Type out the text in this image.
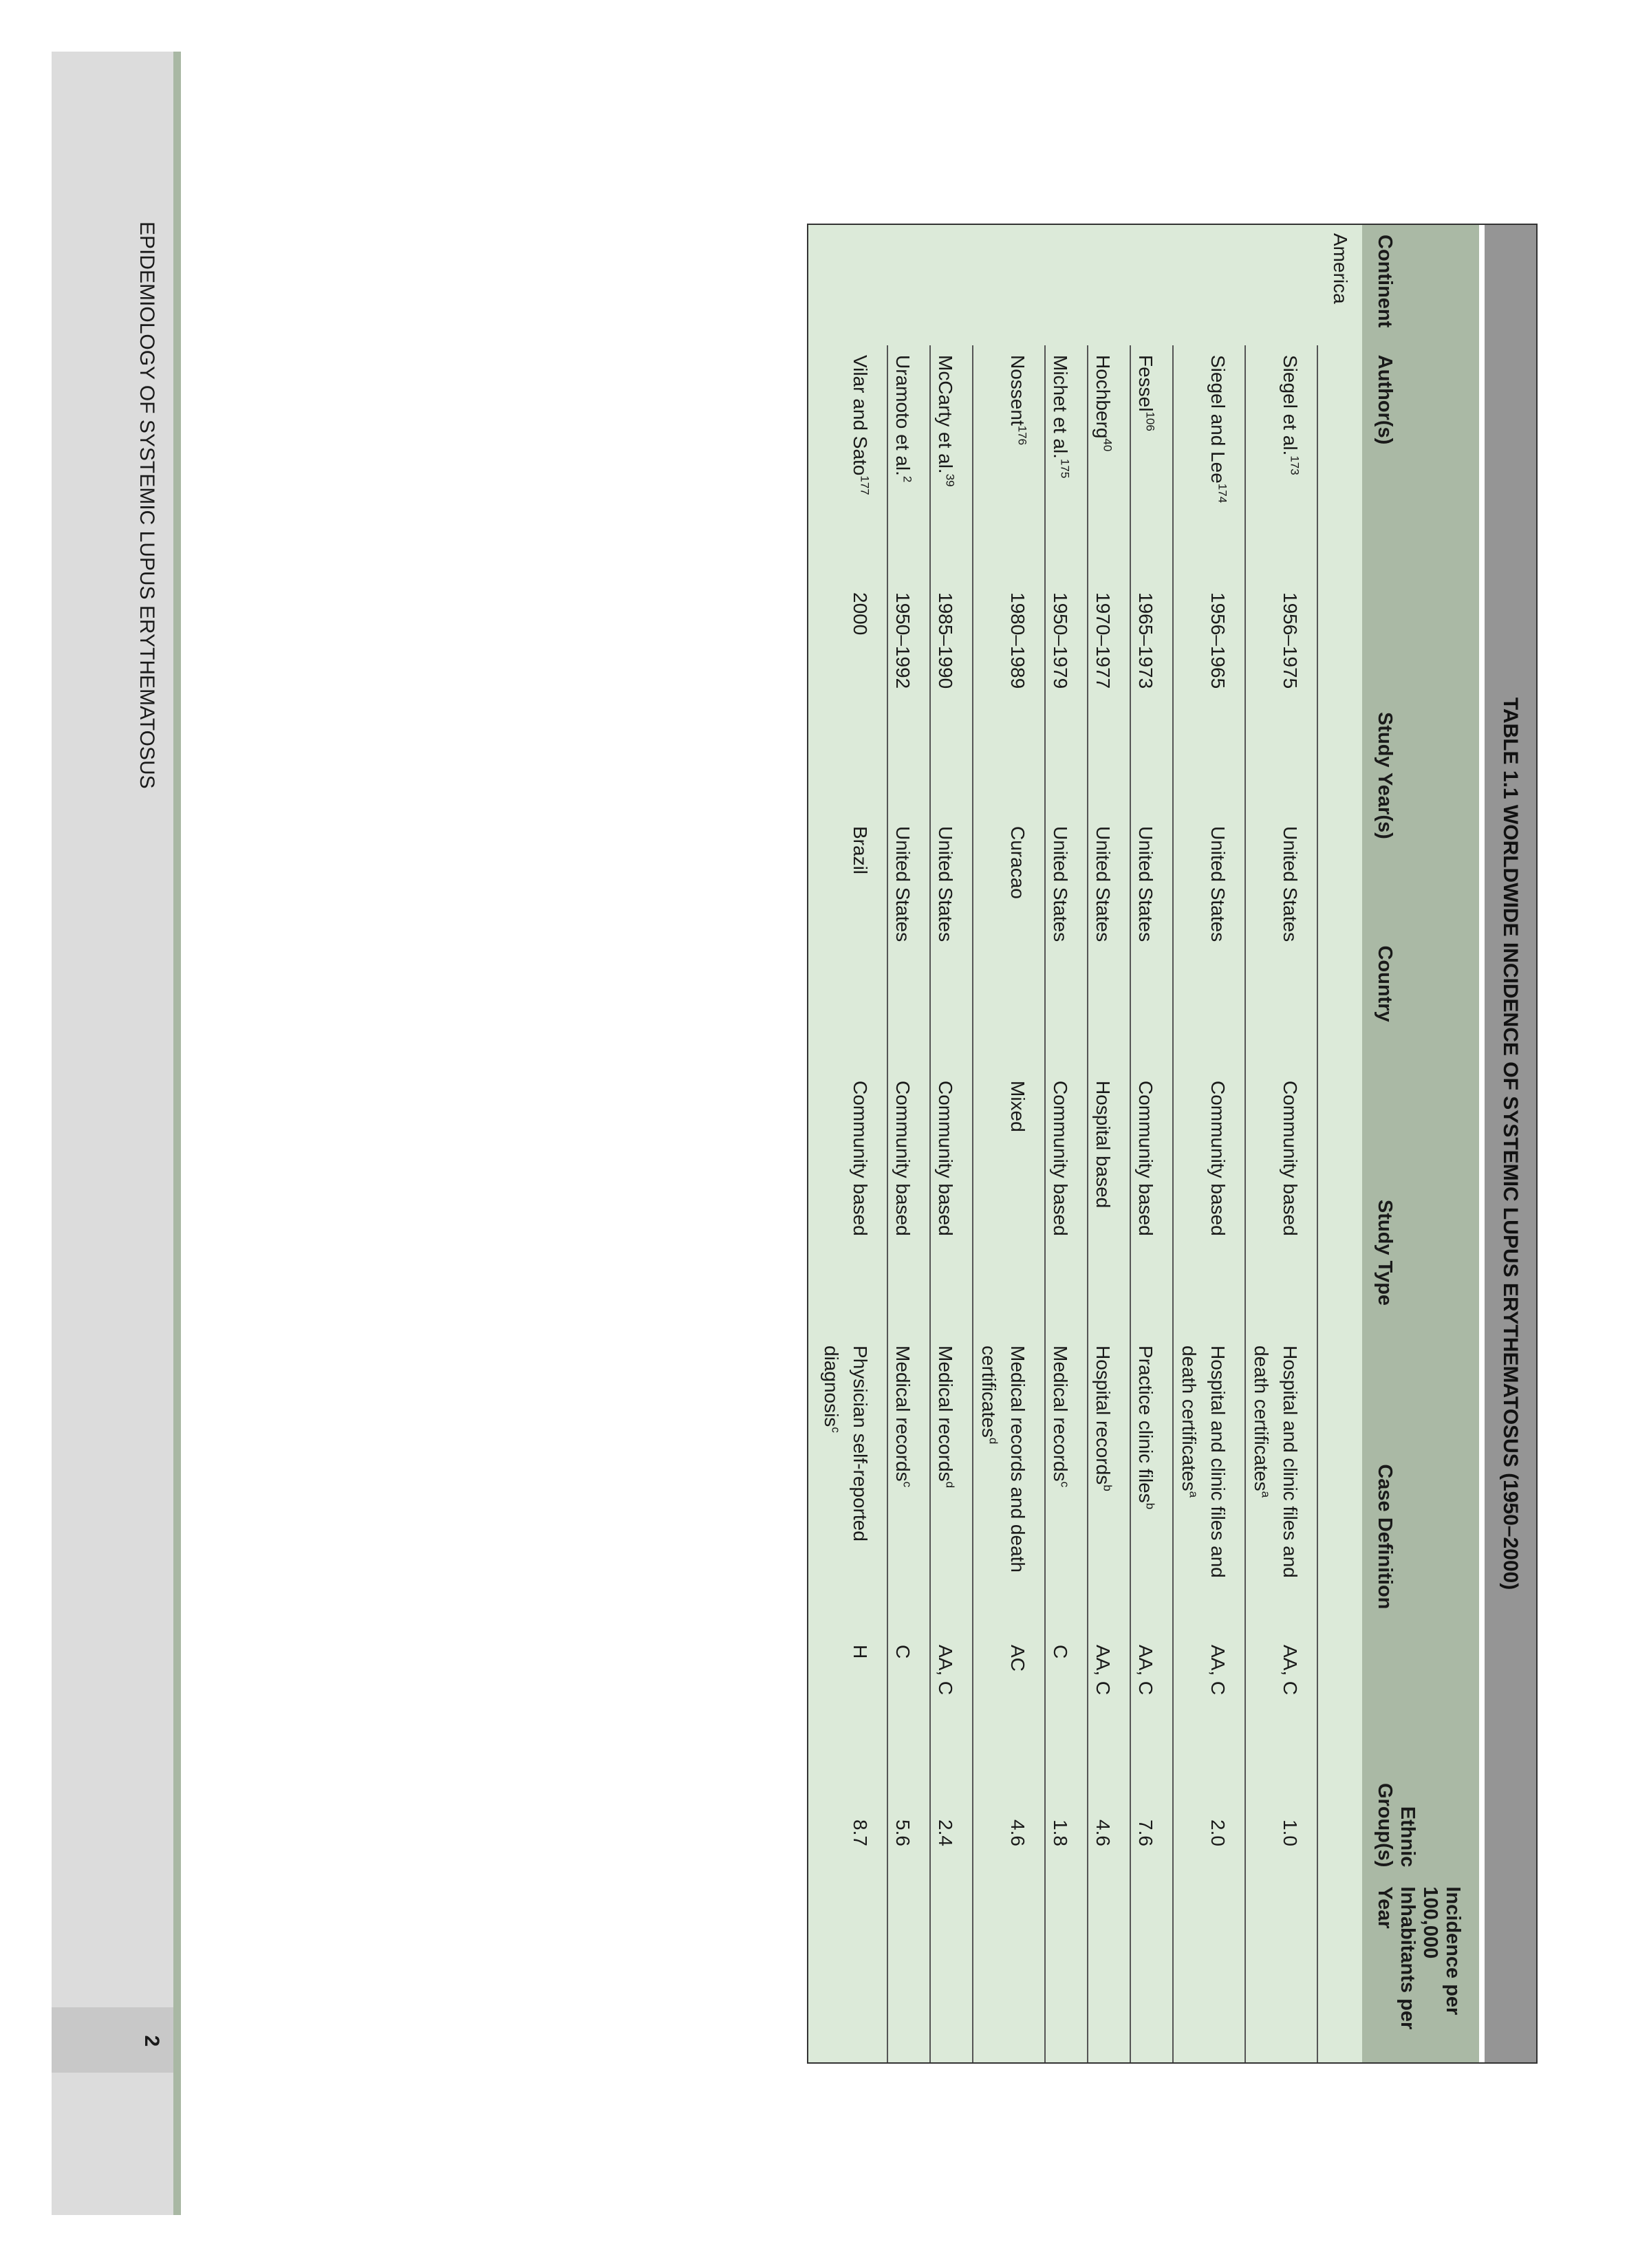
2
EPIDEMIOLOGY OF SYSTEMIC LUPUS ERYTHEMATOSUS
TABLE 1.1 WORLDWIDE INCIDENCE OF SYSTEMIC LUPUS ERYTHEMATOSUS (1950–2000)
Continent
Author(s)
Study Year(s)
Country
Study Type
Case Definition
Ethnic Group(s)
Incidence per 100,000 Inhabitants per Year
America
Siegel et al.$^{173}$
1956–1975
United States
Community based
Hospital and clinic files and death certificates$^a$
AA, C
1.0
Siegel and Lee$^{174}$
1956–1965
United States
Community based
Hospital and clinic files and death certificates$^a$
AA, C
2.0
Fessel$^{106}$
1965–1973
United States
Community based
Practice clinic files$^b$
AA, C
7.6
Hochberg$^{40}$
1970–1977
United States
Hospital based
Hospital records$^b$
AA, C
4.6
Michet et al.$^{175}$
1950–1979
United States
Community based
Medical records$^c$
C
1.8
Nossent$^{176}$
1980–1989
Curacao
Mixed
Medical records and death certificates$^d$
AC
4.6
McCarty et al.$^{39}$
1985–1990
United States
Community based
Medical records$^d$
AA, C
2.4
Uramoto et al.$^2$
1950–1992
United States
Community based
Medical records$^c$
C
5.6
Vilar and Sato$^{177}$
2000
Brazil
Community based
Physician self-reported diagnosis$^c$
H
8.7
